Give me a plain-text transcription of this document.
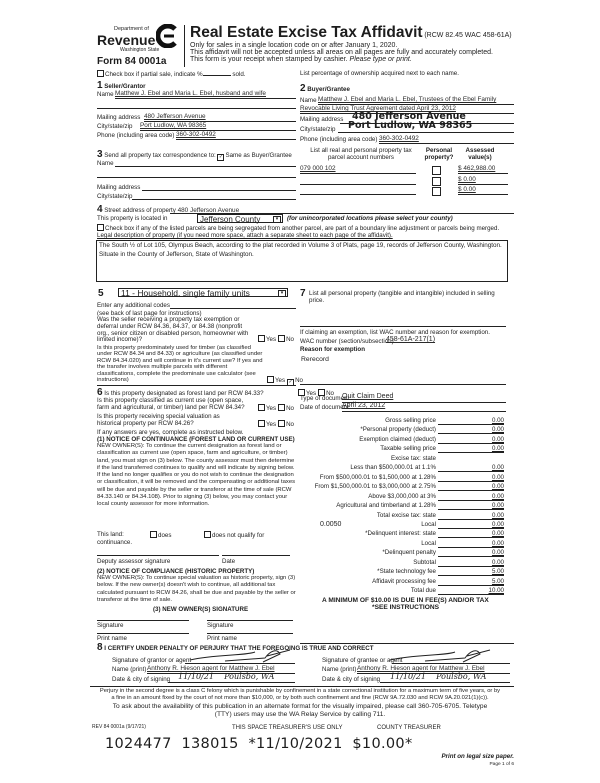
Department of
Revenue
Washington State
Form 84 0001a
Real Estate Excise Tax Affidavit (RCW 82.45 WAC 458-61A)
Only for sales in a single location code on or after January 1, 2020.
This affidavit will not be accepted unless all areas on all pages are fully and accurately completed.
This form is your receipt when stamped by cashier. Please type or print.
Check box if partial sale, indicate %	sold.	List percentage of ownership acquired next to each name.
1 Seller/Grantor
Name Matthew J. Ebel and Maria L. Ebel, husband and wife
Mailing address 480 Jefferson Avenue
City/state/zip Port Ludlow, WA 98365
Phone (including area code) 360-302-0492
2 Buyer/Grantee
Name Matthew J. Ebel and Maria L. Ebel, Trustees of the Ebel Family
Revocable Living Trust Agreement dated April 23, 2012
Mailing address 480 Jefferson Avenue
City/state/zip Port Ludlow, WA 98365
Phone (including area code) 360-302-0492
3 Send all property tax correspondence to: ✓ Same as Buyer/Grantee
Name
Mailing address
City/state/zip
List all real and personal property tax
parcel account numbers
Personal
property?
Assessed
value(s)
079 000 102	$ 462,988.00
$ 0.00
$ 0.00
4 Street address of property 480 Jefferson Avenue
This property is located in	Jefferson County	▾	(for unincorporated locations please select your county)
Check box if any of the listed parcels are being segregated from another parcel, are part of a boundary line adjustment or parcels being merged.
Legal description of property (if you need more space, attach a separate sheet to each page of the affidavit).
The South ½ of Lot 105, Olympus Beach, according to the plat recorded in Volume 3 of Plats, page 19, records of Jefferson County, Washington.
Situate in the County of Jefferson, State of Washington.
5	11 - Household, single family units	▾
Enter any additional codes
(see back of last page for instructions)
Was the seller receiving a property tax exemption or deferral under RCW 84.36, 84.37, or 84.38 (nonprofit org., senior citizen or disabled person, homeowner with limited income)?	Yes No
Is this property predominately used for timber (as classified under RCW 84.34 and 84.33) or agriculture (as classified under RCW 84.34.020) and will continue in it's current use? If yes and the transfer involves multiple parcels with different classifications, complete the predominate use calculator (see instructions)	Yes ✓ No
6 Is this property designated as forest land per RCW 84.33?	Yes No
Is this property classified as current use (open space, farm and agricultural, or timber) land per RCW 84.34?	Yes No
Is this property receiving special valuation as historical property per RCW 84.26?	Yes No
If any answers are yes, complete as instructed below.
(1) NOTICE OF CONTINUANCE (FOREST LAND OR CURRENT USE)
NEW OWNER(S): To continue the current designation as forest land or classification as current use (open space, farm and agriculture, or timber) land, you must sign on (3) below. The county assessor must then determine if the land transferred continues to qualify and will indicate by signing below. If the land no longer qualifies or you do not wish to continue the designation or classification, it will be removed and the compensating or additional taxes will be due and payable by the seller or transferor at the time of sale (RCW 84.33.140 or 84.34.108). Prior to signing (3) below, you may contact your local county assessor for more information.
This land:	does	does not qualify for
continuance.
Deputy assessor signature	Date
(2) NOTICE OF COMPLIANCE (HISTORIC PROPERTY)
NEW OWNER(S): To continue special valuation as historic property, sign (3) below. If the new owner(s) doesn't wish to continue, all additional tax calculated pursuant to RCW 84.26, shall be due and payable by the seller or transferor at the time of sale.
(3) NEW OWNER(S) SIGNATURE
Signature	Signature
Print name	Print name
7 List all personal property (tangible and intangible) included in selling price.
If claiming an exemption, list WAC number and reason for exemption.
WAC number (section/subsection)
458-61A-217(1)
Reason for exemption
Rerecord
Type of document
Quit Claim Deed
Date of document
April 23, 2012
Gross selling price	0.00
*Personal property (deduct)	0.00
Exemption claimed (deduct)	0.00
Taxable selling price	0.00
Excise tax: state
Less than $500,000.01 at 1.1%	0.00
From $500,000.01 to $1,500,000 at 1.28%	0.00
From $1,500,000.01 to $3,000,000 at 2.75%	0.00
Above $3,000,000 at 3%	0.00
Agricultural and timberland at 1.28%	0.00
Total excise tax: state	0.00
Local
0.0050	0.00
*Delinquent interest: state	0.00
Local	0.00
*Delinquent penalty	0.00
Subtotal	0.00
*State technology fee	5.00
Affidavit processing fee	5.00
Total due	10.00
A MINIMUM OF $10.00 IS DUE IN FEE(S) AND/OR TAX
*SEE INSTRUCTIONS
8 I CERTIFY UNDER PENALTY OF PERJURY THAT THE FOREGOING IS TRUE AND CORRECT
Signature of grantor or agent
Name (print) Anthony R. Hieson agent for Matthew J. Ebel
Date & city of signing 11/10/21 Poulsbo, WA
Signature of grantee or agent
Name (print) Anthony R. Hieson agent for Matthew J. Ebel
Date & city of signing 11/10/21 Poulsbo, WA
Perjury in the second degree is a class C felony which is punishable by confinement in a state correctional institution for a maximum term of five years, or by
a fine in an amount fixed by the court of not more than $10,000, or by both such confinement and fine (RCW 9A.72.030 and RCW 9A.20.021(1)(c)).
To ask about the availability of this publication in an alternate format for the visually impaired, please call 360-705-6705. Teletype
(TTY) users may use the WA Relay Service by calling 711.
REV 84 0001a (9/17/21)	THIS SPACE TREASURER'S USE ONLY	COUNTY TREASURER
1024477  138015  *11/10/2021  $10.00*
Print on legal size paper.
Page 1 of 6
